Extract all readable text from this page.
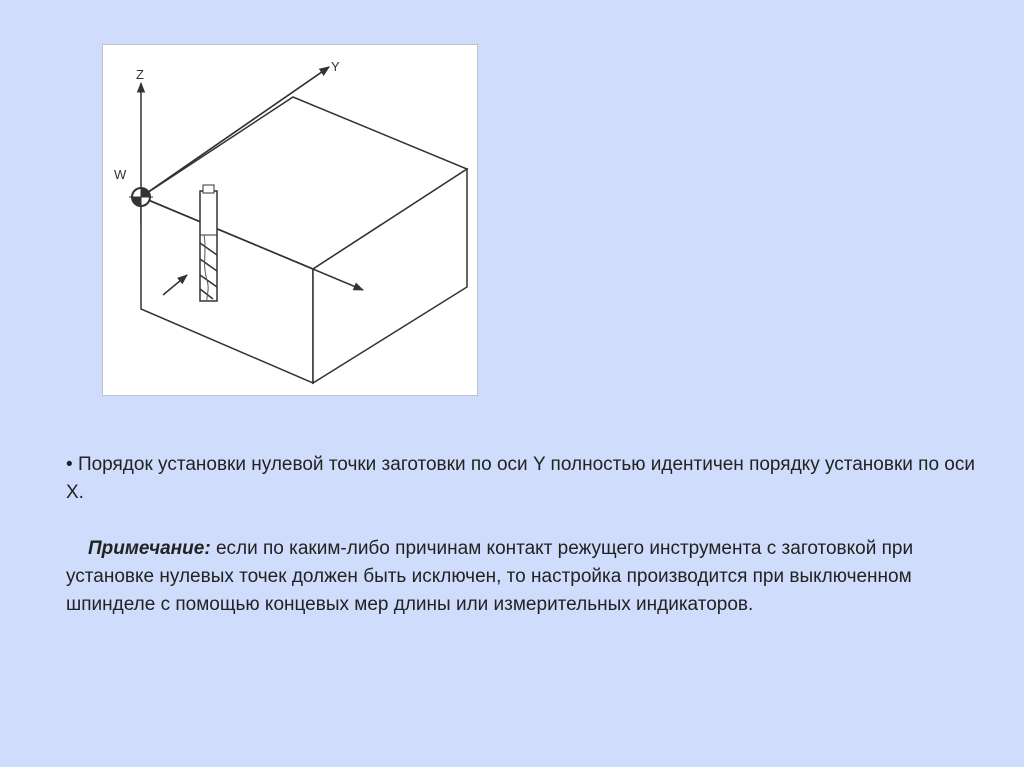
Z
W
Y

• Порядок установки нулевой точки заготовки по оси Y полностью идентичен порядку установки по оси X.

Примечание: если по каким-либо причинам контакт режущего инструмента с заготовкой при установке нулевых точек должен быть исключен, то настройка производится при выключенном шпинделе с помощью концевых мер длины или измерительных индикаторов.
